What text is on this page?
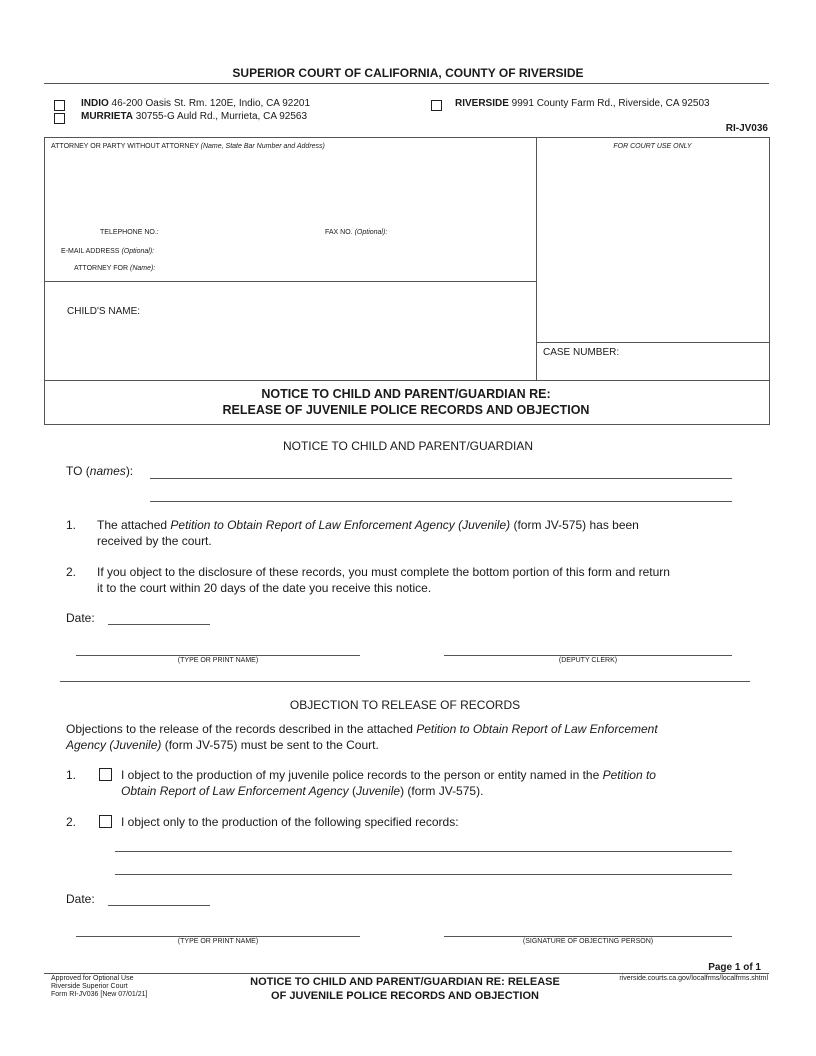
SUPERIOR COURT OF CALIFORNIA, COUNTY OF RIVERSIDE
INDIO 46-200 Oasis St. Rm. 120E, Indio, CA 92201
MURRIETA 30755-G Auld Rd., Murrieta, CA 92563
RIVERSIDE 9991 County Farm Rd., Riverside, CA 92503
RI-JV036
ATTORNEY OR PARTY WITHOUT ATTORNEY (Name, State Bar Number and Address)	FOR COURT USE ONLY
TELEPHONE NO.:	FAX NO. (Optional):
E-MAIL ADDRESS (Optional):
ATTORNEY FOR (Name):
CHILD'S NAME:
CASE NUMBER:
NOTICE TO CHILD AND PARENT/GUARDIAN RE:
RELEASE OF JUVENILE POLICE RECORDS AND OBJECTION
NOTICE TO CHILD AND PARENT/GUARDIAN
TO (names):
1. The attached Petition to Obtain Report of Law Enforcement Agency (Juvenile) (form JV-575) has been
received by the court.
2. If you object to the disclosure of these records, you must complete the bottom portion of this form and return
it to the court within 20 days of the date you receive this notice.
Date:
(TYPE OR PRINT NAME)	(DEPUTY CLERK)
OBJECTION TO RELEASE OF RECORDS
Objections to the release of the records described in the attached Petition to Obtain Report of Law Enforcement
Agency (Juvenile) (form JV-575) must be sent to the Court.
1.	I object to the production of my juvenile police records to the person or entity named in the Petition to
Obtain Report of Law Enforcement Agency (Juvenile) (form JV-575).
2.	I object only to the production of the following specified records:
Date:
(TYPE OR PRINT NAME)	(SIGNATURE OF OBJECTING PERSON)
Page 1 of 1
Approved for Optional Use
Riverside Superior Court
Form RI-JV036 [New 07/01/21]
NOTICE TO CHILD AND PARENT/GUARDIAN RE: RELEASE
OF JUVENILE POLICE RECORDS AND OBJECTION
riverside.courts.ca.gov/localfrms/localfrms.shtml
